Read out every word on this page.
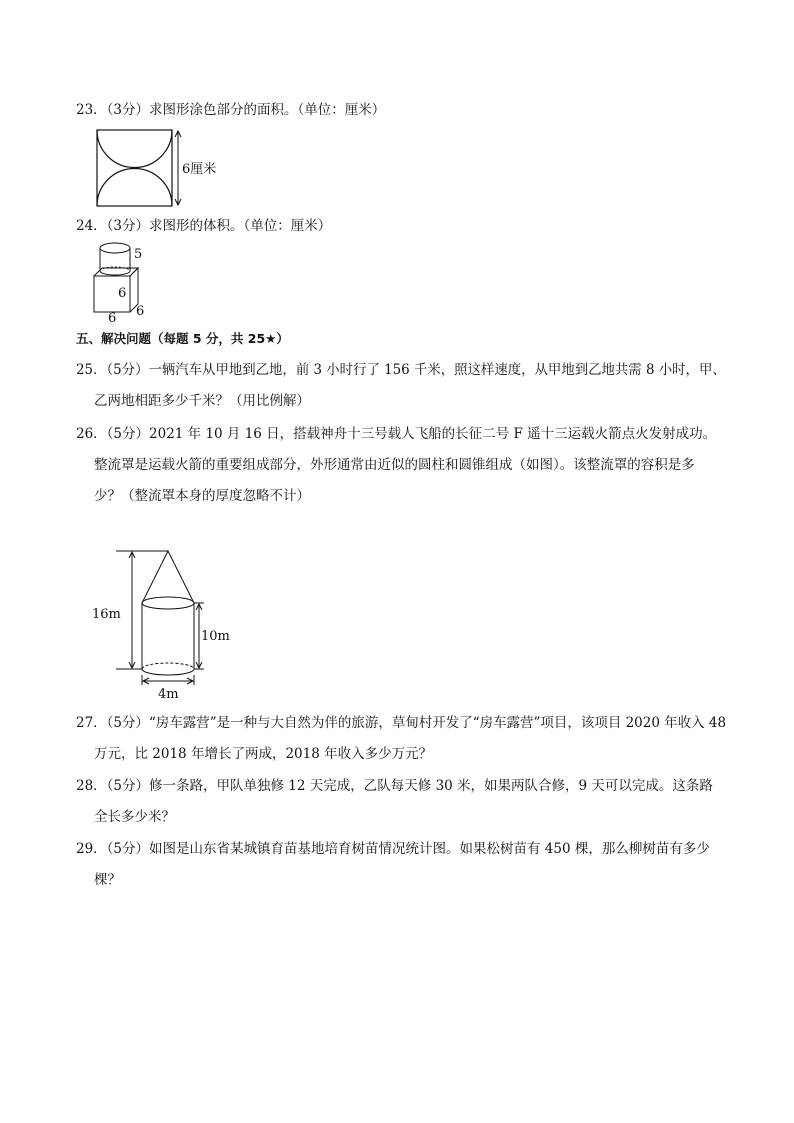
23．（3分）求图形涂色部分的面积。（单位：厘米）
6厘米
24．（3分）求图形的体积。（单位：厘米）
5
6
6
6
五、解决问题（每题 5 分，共 25★）
25．（5分）一辆汽车从甲地到乙地，前 3 小时行了 156 千米，照这样速度，从甲地到乙地共需 8 小时，甲、
乙两地相距多少千米？（用比例解）
26．（5分）2021 年 10 月 16 日，搭载神舟十三号载人飞船的长征二号 F 遥十三运载火箭点火发射成功。
整流罩是运载火箭的重要组成部分，外形通常由近似的圆柱和圆锥组成（如图）。该整流罩的容积是多
少？（整流罩本身的厚度忽略不计）
16m
10m
4m
27．（5分）“房车露营”是一种与大自然为伴的旅游，草甸村开发了“房车露营”项目，该项目 2020 年收入 48
万元，比 2018 年增长了两成，2018 年收入多少万元？
28．（5分）修一条路，甲队单独修 12 天完成，乙队每天修 30 米，如果两队合修，9 天可以完成。这条路
全长多少米？
29．（5分）如图是山东省某城镇育苗基地培育树苗情况统计图。如果松树苗有 450 棵，那么柳树苗有多少
棵？
